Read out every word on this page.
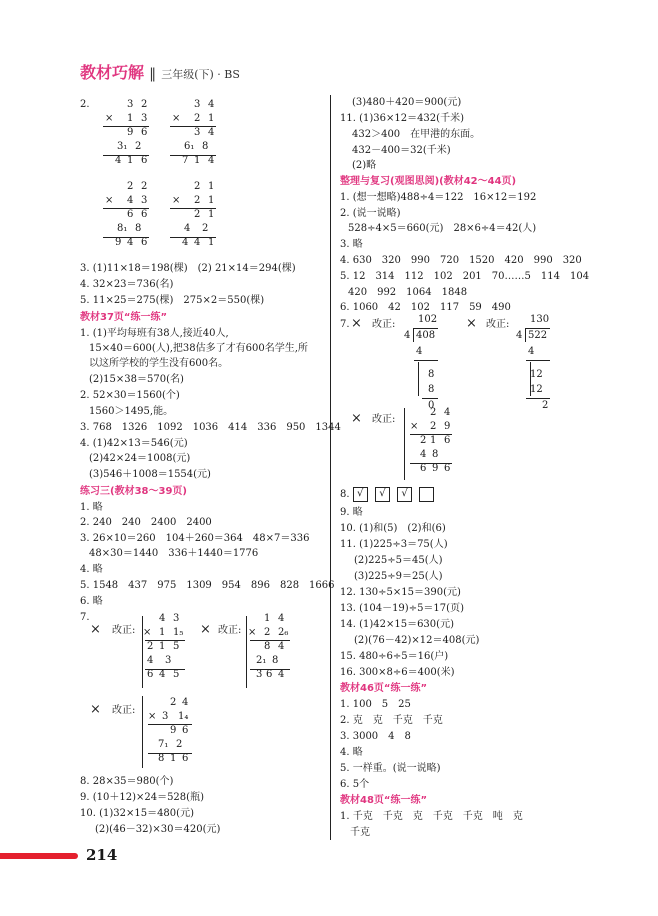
教材巧解 ‖ 三年级(下) · BS
2.	3 2
× 1 3
9 6
3₁ 2
4 1 6
3 4
× 2 1
3 4
6₁ 8
7 1 4
2 2
× 4 3
6 6
8₁ 8
9 4 6
2 1
× 2 1
2 1
4 2
4 4 1
3. (1)11×18＝198(棵)　(2) 21×14＝294(棵)
4. 32×23＝736(名)
5. 11×25＝275(棵)　275×2＝550(棵)
教材37页“练一练”
1. (1)平均每班有38人,接近40人,
15×40＝600(人),把38估多了才有600名学生,所
以这所学校的学生没有600名。
(2)15×38＝570(名)
2. 52×30＝1560(个)
1560＞1495,能。
3. 768　1326　1092　1036　414　336　950　1344
4. (1)42×13＝546(元)
(2)42×24＝1008(元)
(3)546＋1008＝1554(元)
练习三(教材38～39页)
1. 略
2. 240　240　2400　2400
3. 26×10＝260　104＋260＝364　48×7＝336
48×30＝1440　336＋1440＝1776
4. 略
5. 1548　437　975　1309　954　896　828　1666
6. 略
7.
× 改正:
4 3
× 1 1₅
2 1 5
4 3
6 4 5
× 改正:
1 4
× 2 2₆
8 4
2₁ 8
3 6 4
× 改正:
2 4
× 3 1₄
9 6
7₁ 2
8 1 6
8. 28×35＝980(个)
9. (10＋12)×24＝528(瓶)
10. (1)32×15＝480(元)
(2)(46－32)×30＝420(元)
(3)480＋420＝900(元)
11. (1)36×12＝432(千米)
432＞400　在甲港的东面。
432－400＝32(千米)
(2)略
整理与复习(观图思阅)(教材42～44页)
1. (想一想略)488÷4＝122　16×12＝192
2. (说一说略)
528÷4×5＝660(元)　28×6÷4＝42(人)
3. 略
4. 630　320　990　720　1520　420　990　320
5. 12　314　112　102　201　70……5　114　104
420　992　1064　1848
6. 1060　42　102　117　59　490
7. × 改正: 102
4 408
4
8
8
0
× 改正: 130
4 522
4
12
12
2
× 改正:
2 4
× 2 9
2 1 6
4 8
6 9 6
8. √ √ √
9. 略
10. (1)和(5)　(2)和(6)
11. (1)225÷3＝75(人)
(2)225÷5＝45(人)
(3)225÷9＝25(人)
12. 130÷5×15＝390(元)
13. (104－19)÷5＝17(页)
14. (1)42×15＝630(元)
(2)(76－42)×12＝408(元)
15. 480÷6÷5＝16(户)
16. 300×8÷6＝400(米)
教材46页“练一练”
1. 100　5　25
2. 克　克　千克　千克
3. 3000　4　8
4. 略
5. 一样重。(说一说略)
6. 5个
教材48页“练一练”
1. 千克　千克　克　千克　千克　吨　克
千克
214
